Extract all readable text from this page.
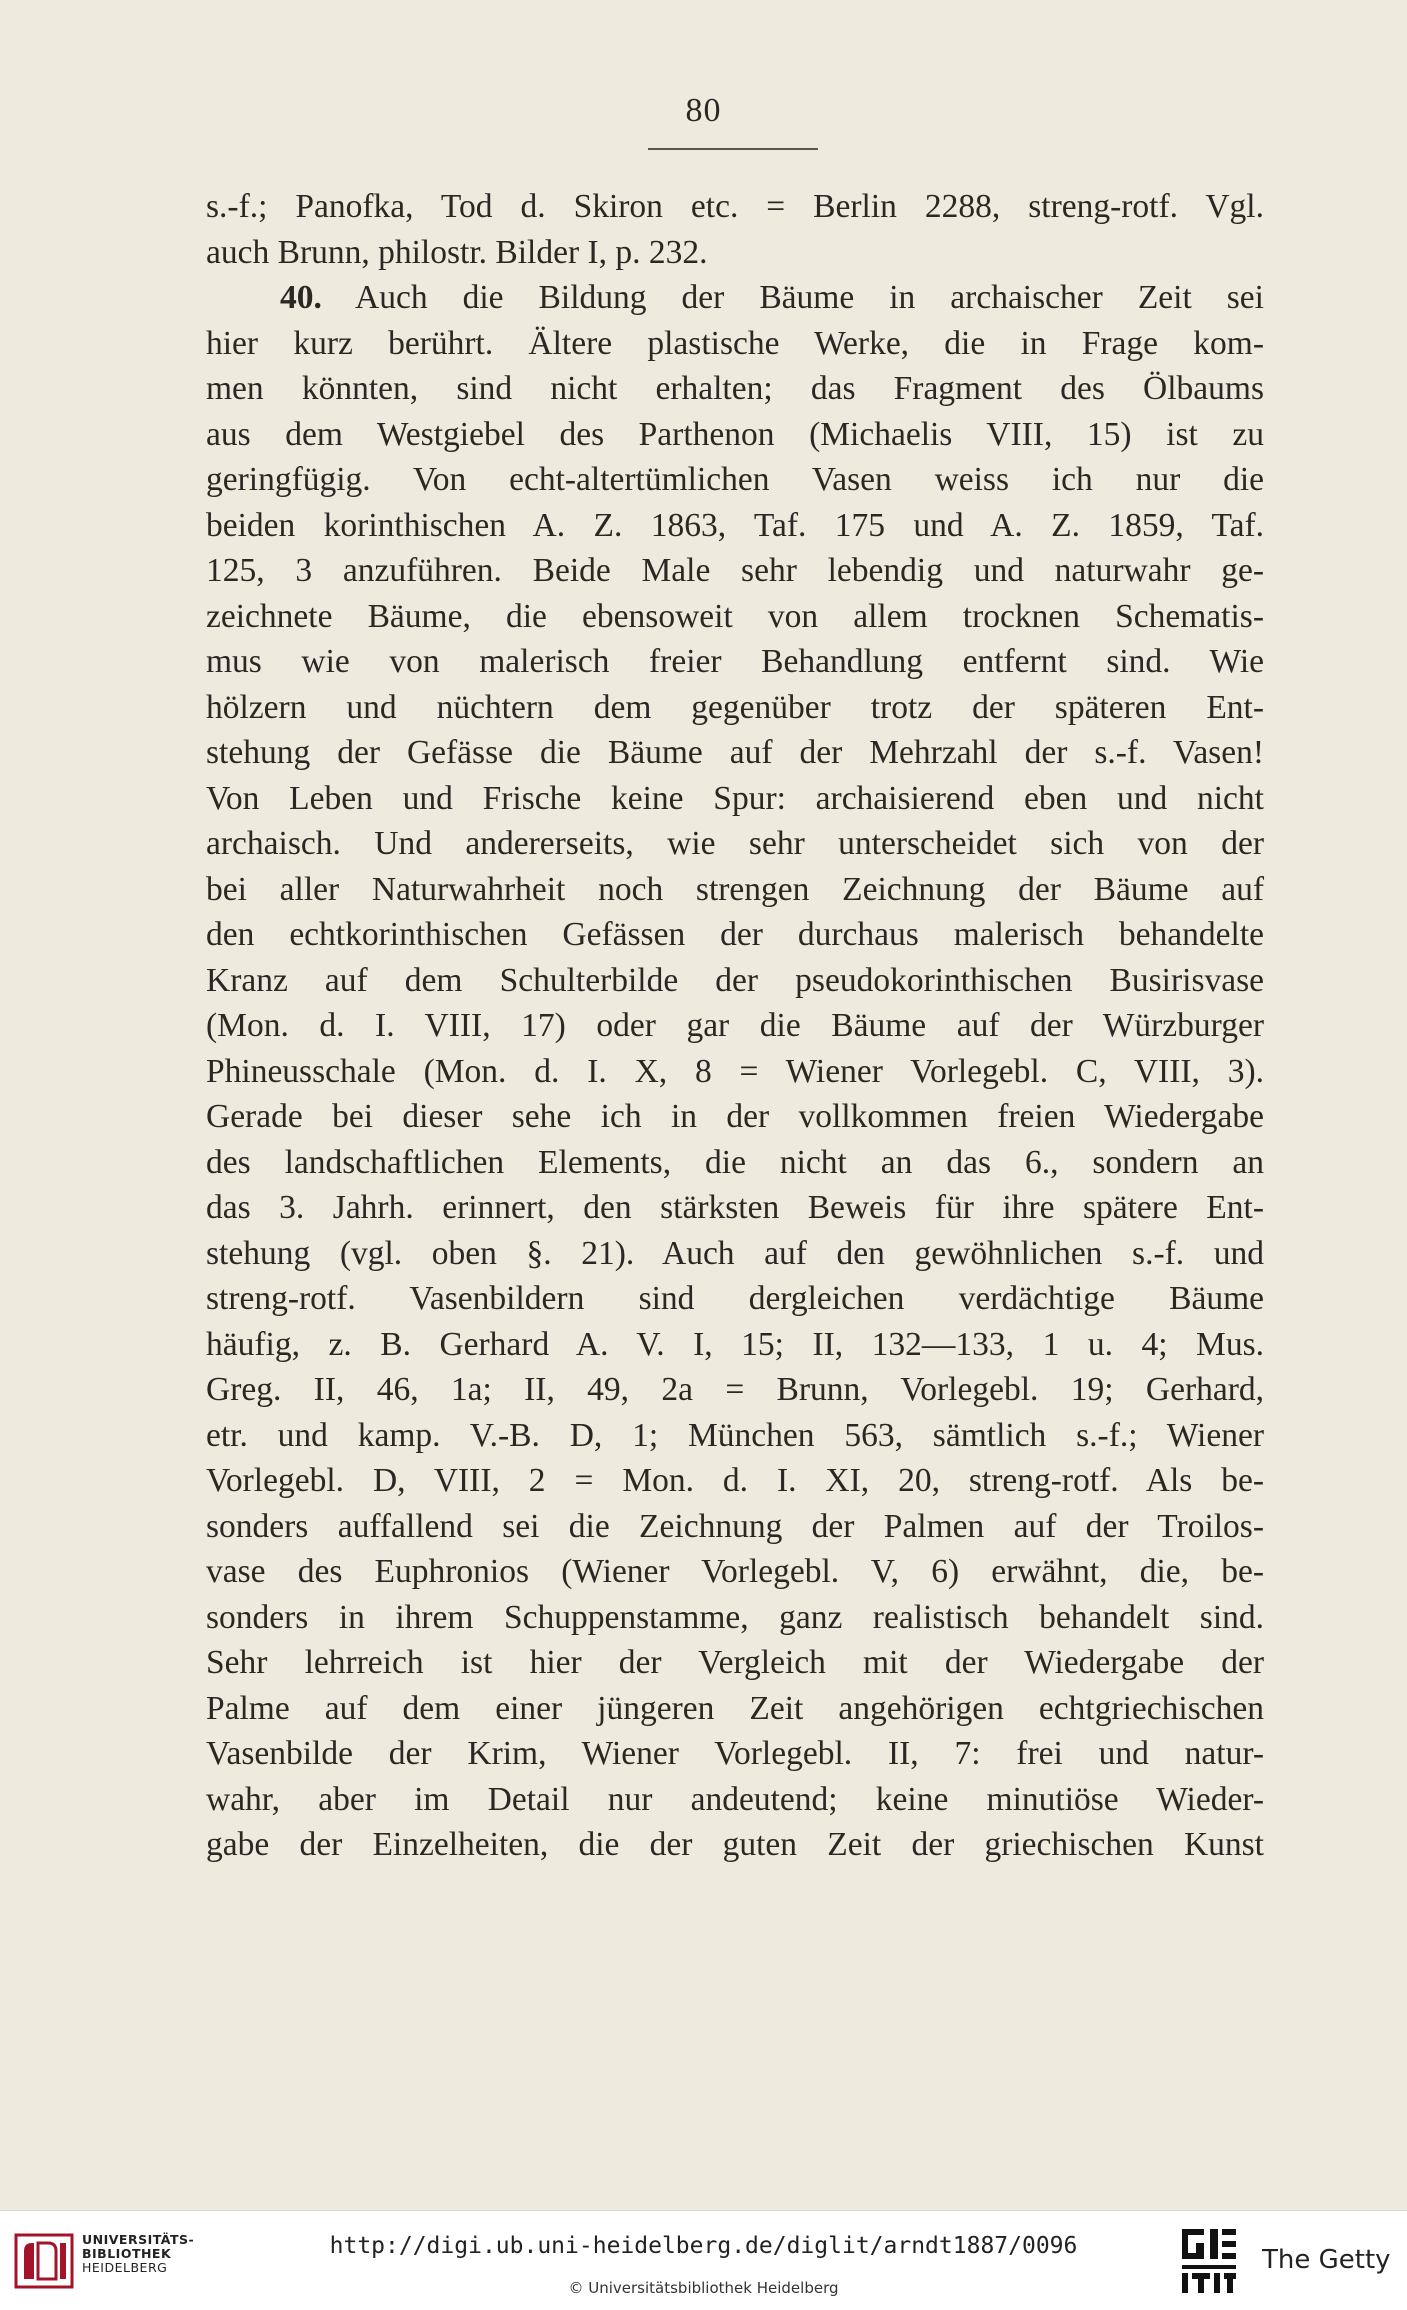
80
s.-f.; Panofka, Tod d. Skiron etc. = Berlin 2288, streng-rotf. Vgl.
auch Brunn, philostr. Bilder I, p. 232.
40. Auch die Bildung der Bäume in archaischer Zeit sei
hier kurz berührt. Ältere plastische Werke, die in Frage kom-
men könnten, sind nicht erhalten; das Fragment des Ölbaums
aus dem Westgiebel des Parthenon (Michaelis VIII, 15) ist zu
geringfügig. Von echt-altertümlichen Vasen weiss ich nur die
beiden korinthischen A. Z. 1863, Taf. 175 und A. Z. 1859, Taf.
125, 3 anzuführen. Beide Male sehr lebendig und naturwahr ge-
zeichnete Bäume, die ebensoweit von allem trocknen Schematis-
mus wie von malerisch freier Behandlung entfernt sind. Wie
hölzern und nüchtern dem gegenüber trotz der späteren Ent-
stehung der Gefässe die Bäume auf der Mehrzahl der s.-f. Vasen!
Von Leben und Frische keine Spur: archaisierend eben und nicht
archaisch. Und andererseits, wie sehr unterscheidet sich von der
bei aller Naturwahrheit noch strengen Zeichnung der Bäume auf
den echtkorinthischen Gefässen der durchaus malerisch behandelte
Kranz auf dem Schulterbilde der pseudokorinthischen Busirisvase
(Mon. d. I. VIII, 17) oder gar die Bäume auf der Würzburger
Phineusschale (Mon. d. I. X, 8 = Wiener Vorlegebl. C, VIII, 3).
Gerade bei dieser sehe ich in der vollkommen freien Wiedergabe
des landschaftlichen Elements, die nicht an das 6., sondern an
das 3. Jahrh. erinnert, den stärksten Beweis für ihre spätere Ent-
stehung (vgl. oben §. 21). Auch auf den gewöhnlichen s.-f. und
streng-rotf. Vasenbildern sind dergleichen verdächtige Bäume
häufig, z. B. Gerhard A. V. I, 15; II, 132—133, 1 u. 4; Mus.
Greg. II, 46, 1a; II, 49, 2a = Brunn, Vorlegebl. 19; Gerhard,
etr. und kamp. V.-B. D, 1; München 563, sämtlich s.-f.; Wiener
Vorlegebl. D, VIII, 2 = Mon. d. I. XI, 20, streng-rotf. Als be-
sonders auffallend sei die Zeichnung der Palmen auf der Troilos-
vase des Euphronios (Wiener Vorlegebl. V, 6) erwähnt, die, be-
sonders in ihrem Schuppenstamme, ganz realistisch behandelt sind.
Sehr lehrreich ist hier der Vergleich mit der Wiedergabe der
Palme auf dem einer jüngeren Zeit angehörigen echtgriechischen
Vasenbilde der Krim, Wiener Vorlegebl. II, 7: frei und natur-
wahr, aber im Detail nur andeutend; keine minutiöse Wieder-
gabe der Einzelheiten, die der guten Zeit der griechischen Kunst
UNIVERSITÄTS-
BIBLIOTHEK
HEIDELBERG
http://digi.ub.uni-heidelberg.de/diglit/arndt1887/0096
© Universitätsbibliothek Heidelberg
The Getty
